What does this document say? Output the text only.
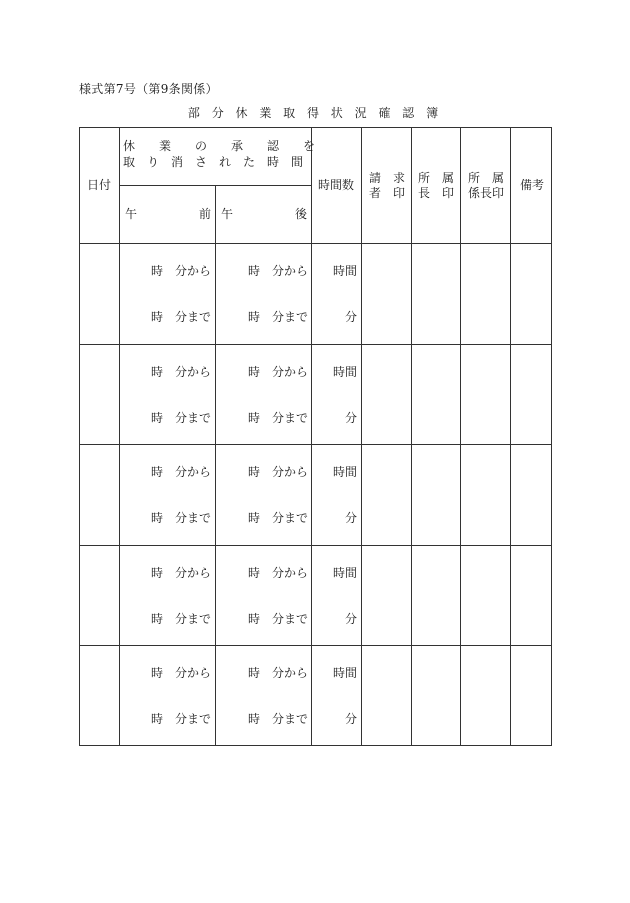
様式第7号（第9条関係）
部 分 休 業 取 得 状 況 確 認 簿
日付
休　　業　　の　　承　　認　　を
取　り　消　さ　れ　た　時　間
午	前 午	後
時間数 請　求
者　印
所　属
長　印
所　属
係長印
備考
時　分から
時　分まで
時　分から
時　分まで
時間
分
時　分から
時　分まで
時　分から
時　分まで
時間
分
時　分から
時　分まで
時　分から
時　分まで
時間
分
時　分から
時　分まで
時　分から
時　分まで
時間
分
時　分から
時　分まで
時　分から
時　分まで
時間
分
